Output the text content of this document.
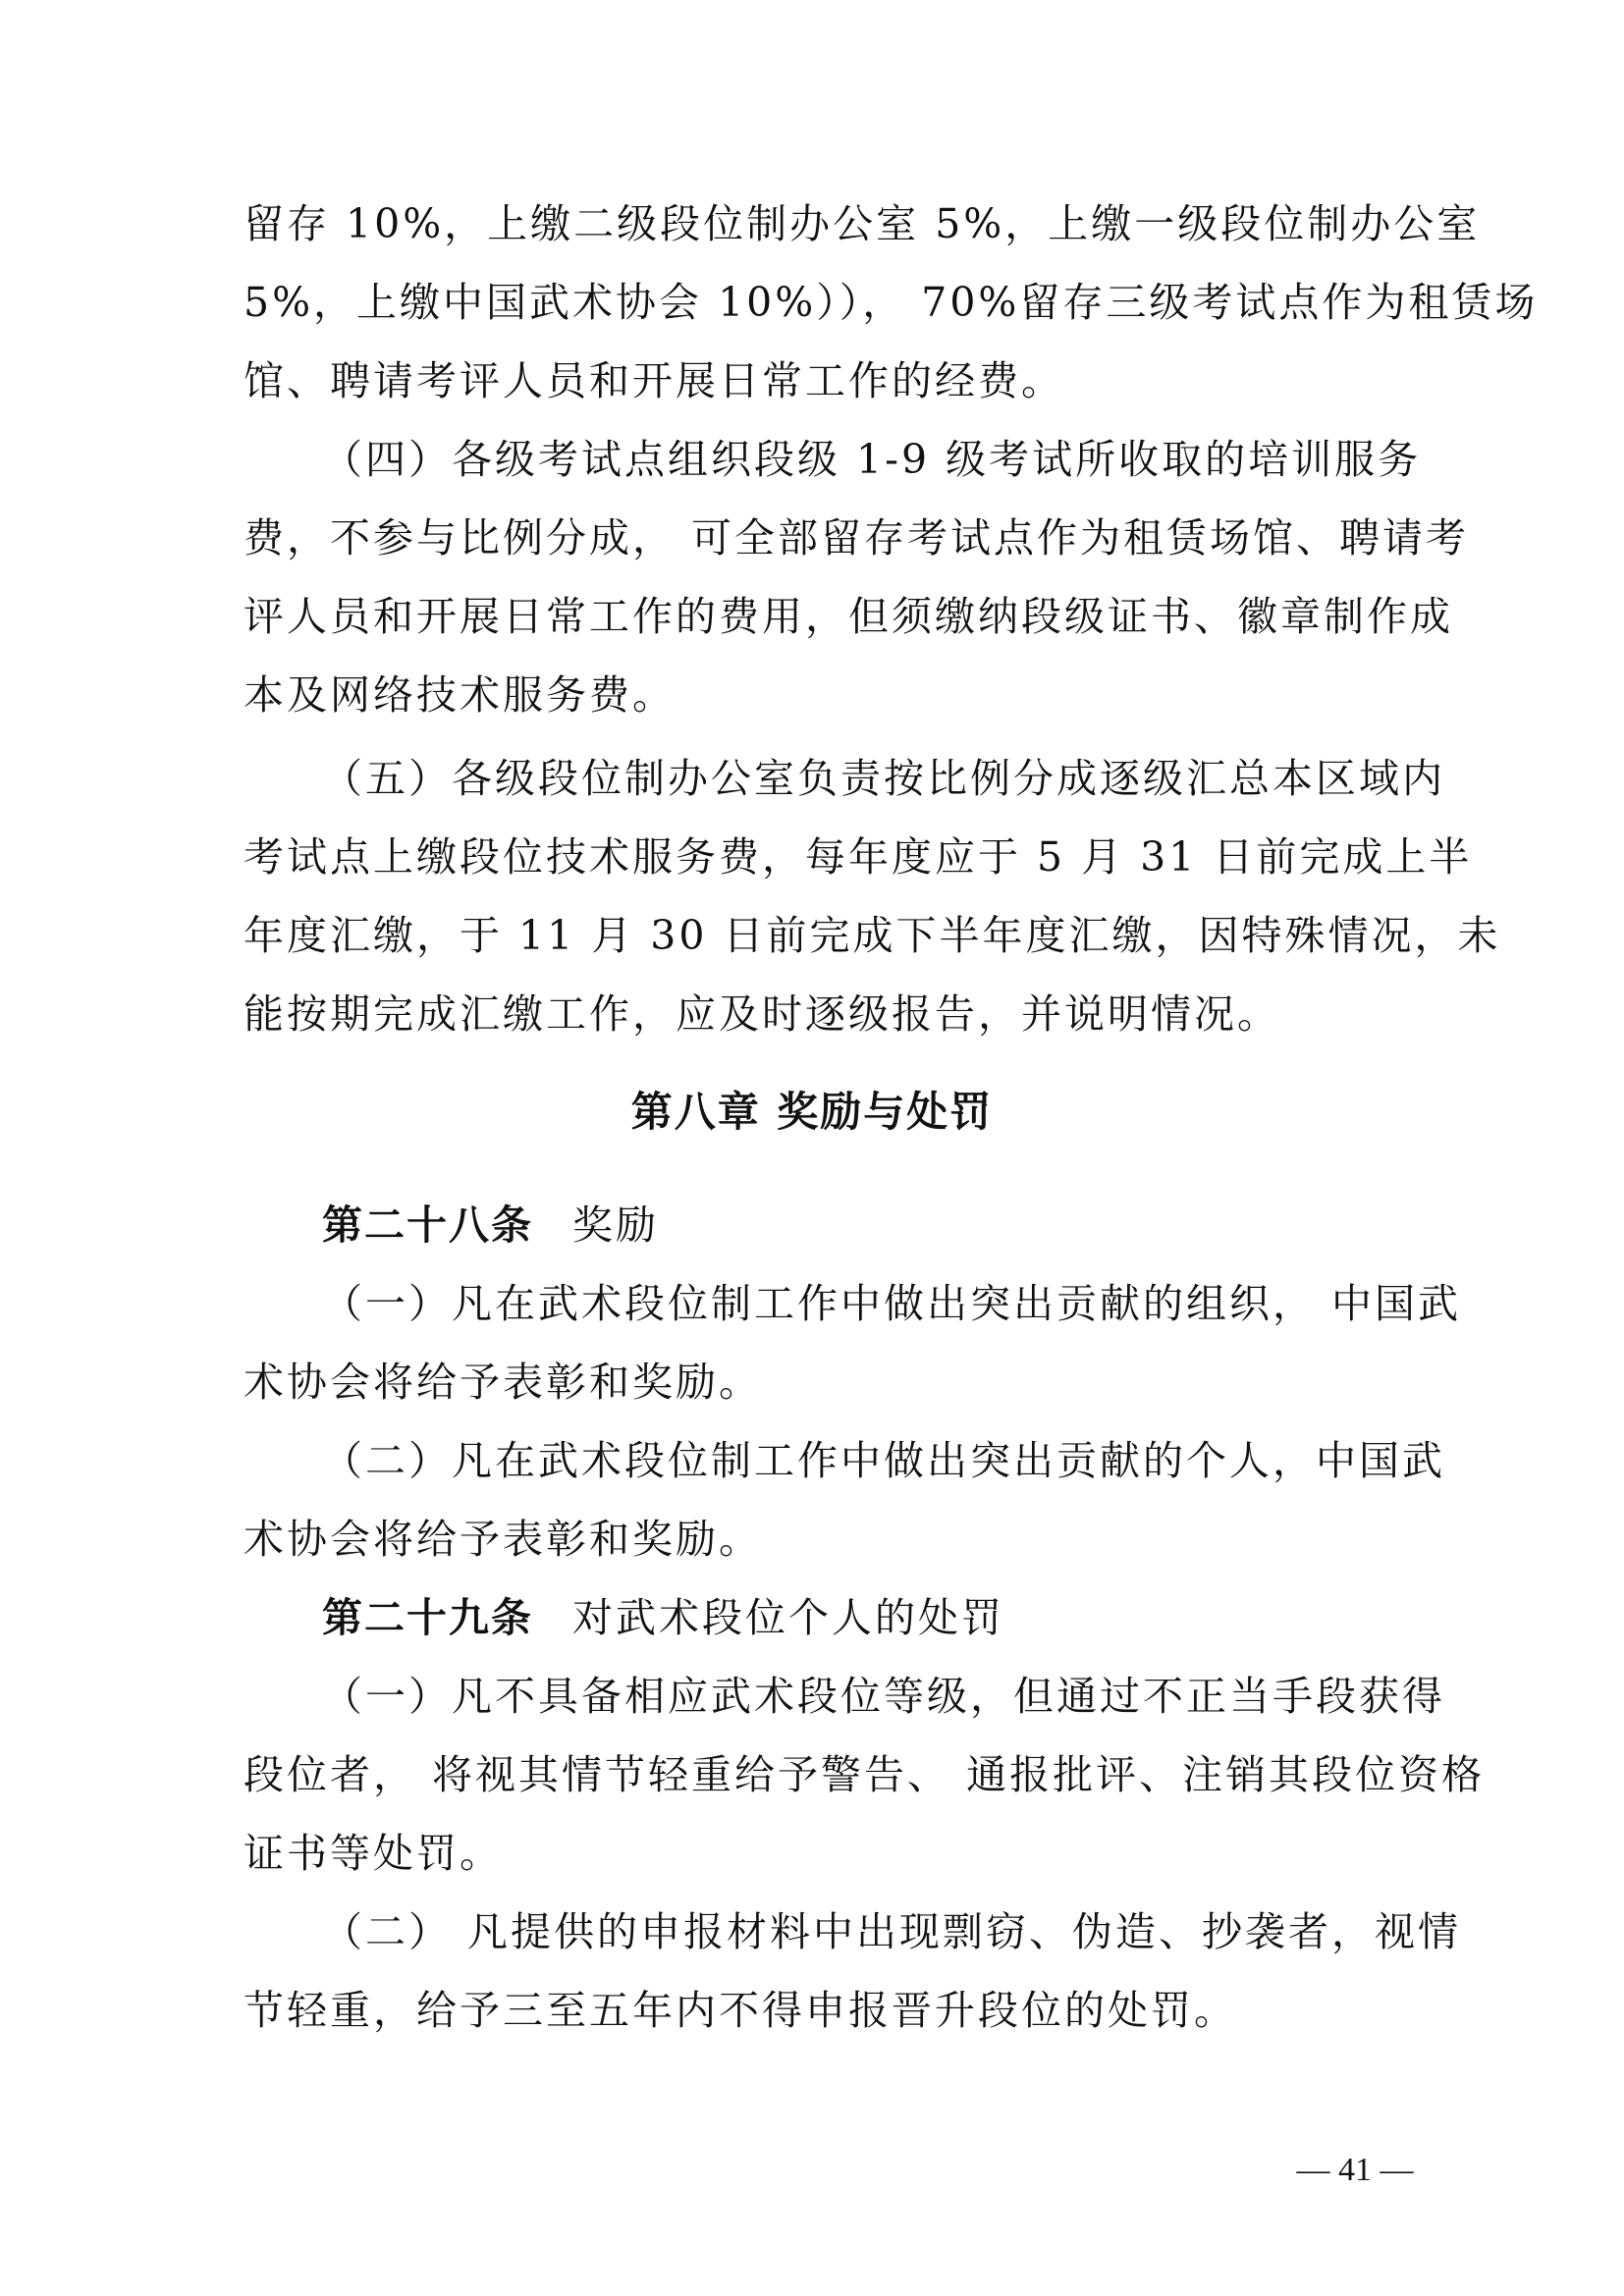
留存 10%，上缴二级段位制办公室 5%，上缴一级段位制办公室
5%，上缴中国武术协会 10%））， 70%留存三级考试点作为租赁场
馆、聘请考评人员和开展日常工作的经费。
（四）各级考试点组织段级 1-9 级考试所收取的培训服务
费，不参与比例分成， 可全部留存考试点作为租赁场馆、聘请考
评人员和开展日常工作的费用，但须缴纳段级证书、徽章制作成
本及网络技术服务费。
（五）各级段位制办公室负责按比例分成逐级汇总本区域内
考试点上缴段位技术服务费，每年度应于 5 月 31 日前完成上半
年度汇缴，于 11 月 30 日前完成下半年度汇缴，因特殊情况，未
能按期完成汇缴工作，应及时逐级报告，并说明情况。
第八章 奖励与处罚
第二十八条 奖励
（一）凡在武术段位制工作中做出突出贡献的组织， 中国武
术协会将给予表彰和奖励。
（二）凡在武术段位制工作中做出突出贡献的个人，中国武
术协会将给予表彰和奖励。
第二十九条 对武术段位个人的处罚
（一）凡不具备相应武术段位等级，但通过不正当手段获得
段位者， 将视其情节轻重给予警告、 通报批评、注销其段位资格
证书等处罚。
（二） 凡提供的申报材料中出现剽窃、伪造、抄袭者，视情
节轻重，给予三至五年内不得申报晋升段位的处罚。
— 41 —
